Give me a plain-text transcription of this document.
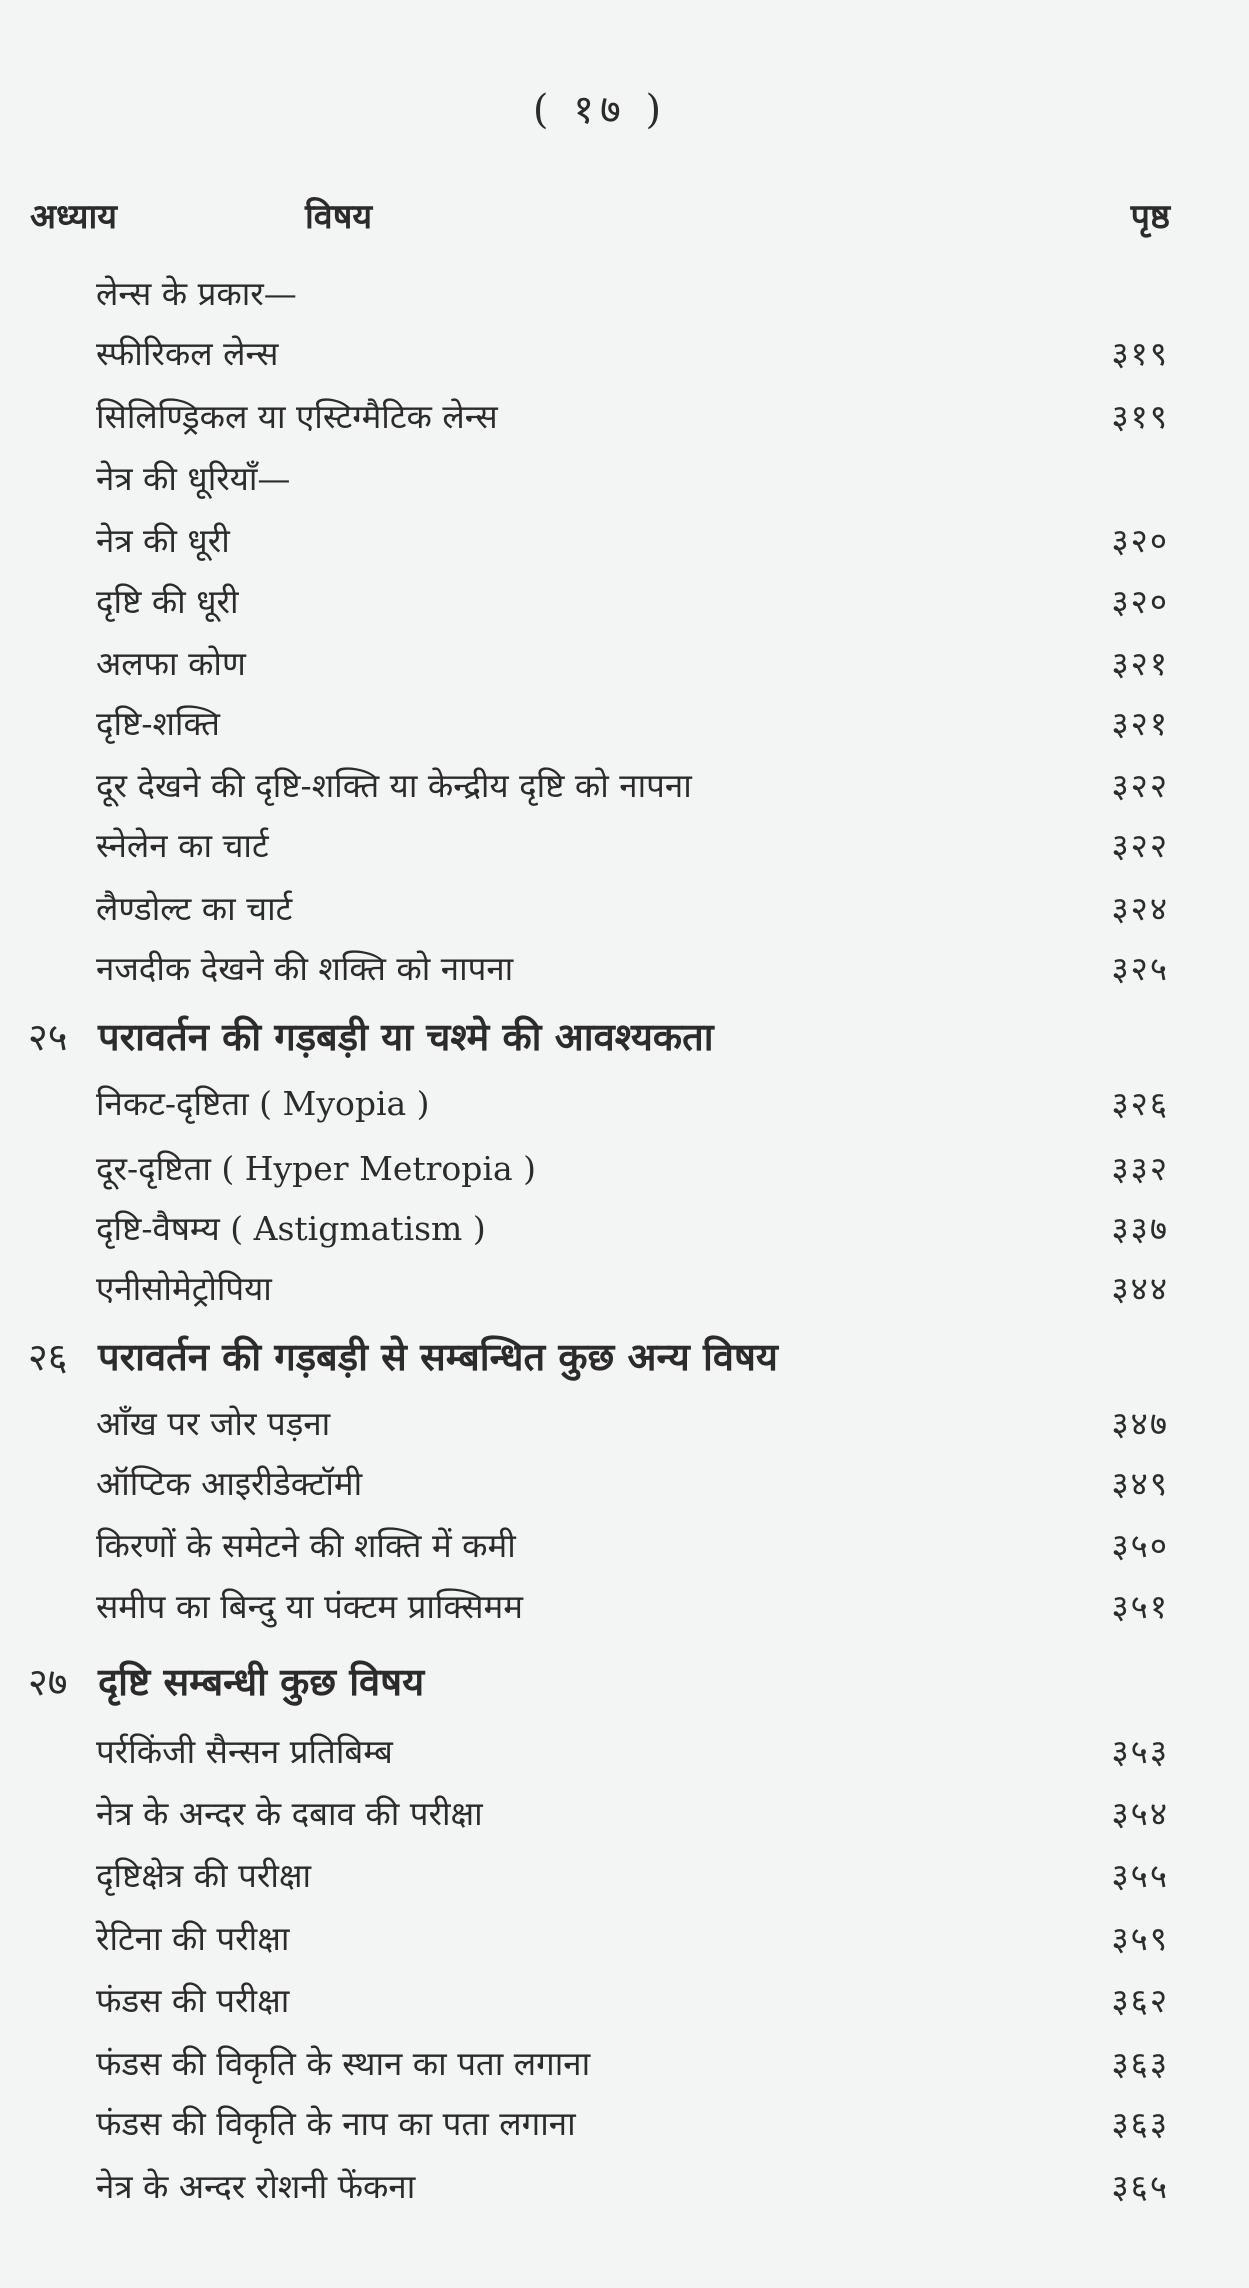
( १७ )
अध्याय	विषय	पृष्ठ
लेन्स के प्रकार—
स्फीरिकल लेन्स	३१९
सिलिण्ड्रिकल या एस्टिग्मैटिक लेन्स	३१९
नेत्र की धूरियाँ—
नेत्र की धूरी	३२०
दृष्टि की धूरी	३२०
अलफा कोण	३२१
दृष्टि-शक्ति	३२१
दूर देखने की दृष्टि-शक्ति या केन्द्रीय दृष्टि को नापना	३२२
स्नेलेन का चार्ट	३२२
लैण्डोल्ट का चार्ट	३२४
नजदीक देखने की शक्ति को नापना	३२५
२५ परावर्तन की गड़बड़ी या चश्मे की आवश्यकता
निकट-दृष्टिता ( Myopia )	३२६
दूर-दृष्टिता ( Hyper Metropia )	३३२
दृष्टि-वैषम्य ( Astigmatism )	३३७
एनीसोमेट्रोपिया	३४४
२६ परावर्तन की गड़बड़ी से सम्बन्धित कुछ अन्य विषय
आँख पर जोर पड़ना	३४७
ऑप्टिक आइरीडेक्टॉमी	३४९
किरणों के समेटने की शक्ति में कमी	३५०
समीप का बिन्दु या पंक्टम प्राक्सिमम	३५१
२७ दृष्टि सम्बन्धी कुछ विषय
पर्रकिंजी सैन्सन प्रतिबिम्ब	३५३
नेत्र के अन्दर के दबाव की परीक्षा	३५४
दृष्टिक्षेत्र की परीक्षा	३५५
रेटिना की परीक्षा	३५९
फंडस की परीक्षा	३६२
फंडस की विकृति के स्थान का पता लगाना	३६३
फंडस की विकृति के नाप का पता लगाना	३६३
नेत्र के अन्दर रोशनी फेंकना	३६५
